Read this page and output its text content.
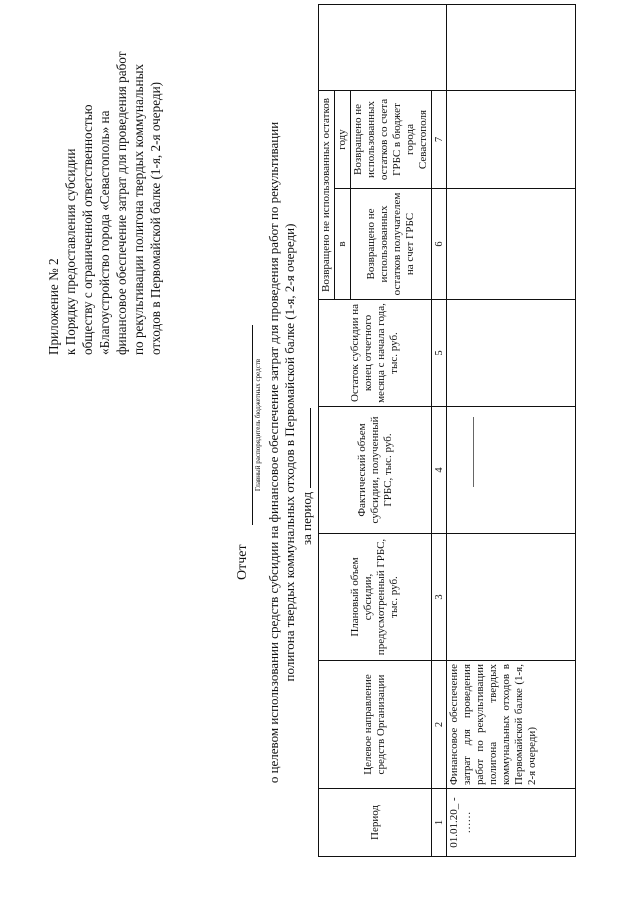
Приложение № 2 к Порядку предоставления субсидии обществу с ограниченной ответственностью «Благоустройство города «Севастополь» на финансовое обеспечение затрат для проведения работ по рекультивации полигона твердых коммунальных отходов в Первомайской балке (1-я, 2-я очереди)
Отчет
Главный распорядитель бюджетных средств о целевом использовании средств субсидии на финансовое обеспечение затрат для проведения работ по рекультивации полигона твердых коммунальных отходов в Первомайской балке (1-я, 2-я очереди) за период
Период	Целевое направление средств Организации	Плановый объем субсидии, предусмотренный ГРБС, тыс. руб.	Фактический объем субсидии, полученный ГРБС, тыс. руб.	Остаток субсидии на конец отчетного месяца с начала года, тыс. руб.	Возвращено не использованных остатков		
					в	году	
					Возвращено не использованных остатков получателем на счет ГРБС	Возвращено не использованных остатков со счета ГРБС в бюджет города Севастополя	
1	2	3	4	5	6	7	
01.01.20_ - ……	Финансовое обеспечение затрат для проведения работ по рекультивации полигона твердых коммунальных отходов в Первомайской балке (1-я, 2-я очереди)						
